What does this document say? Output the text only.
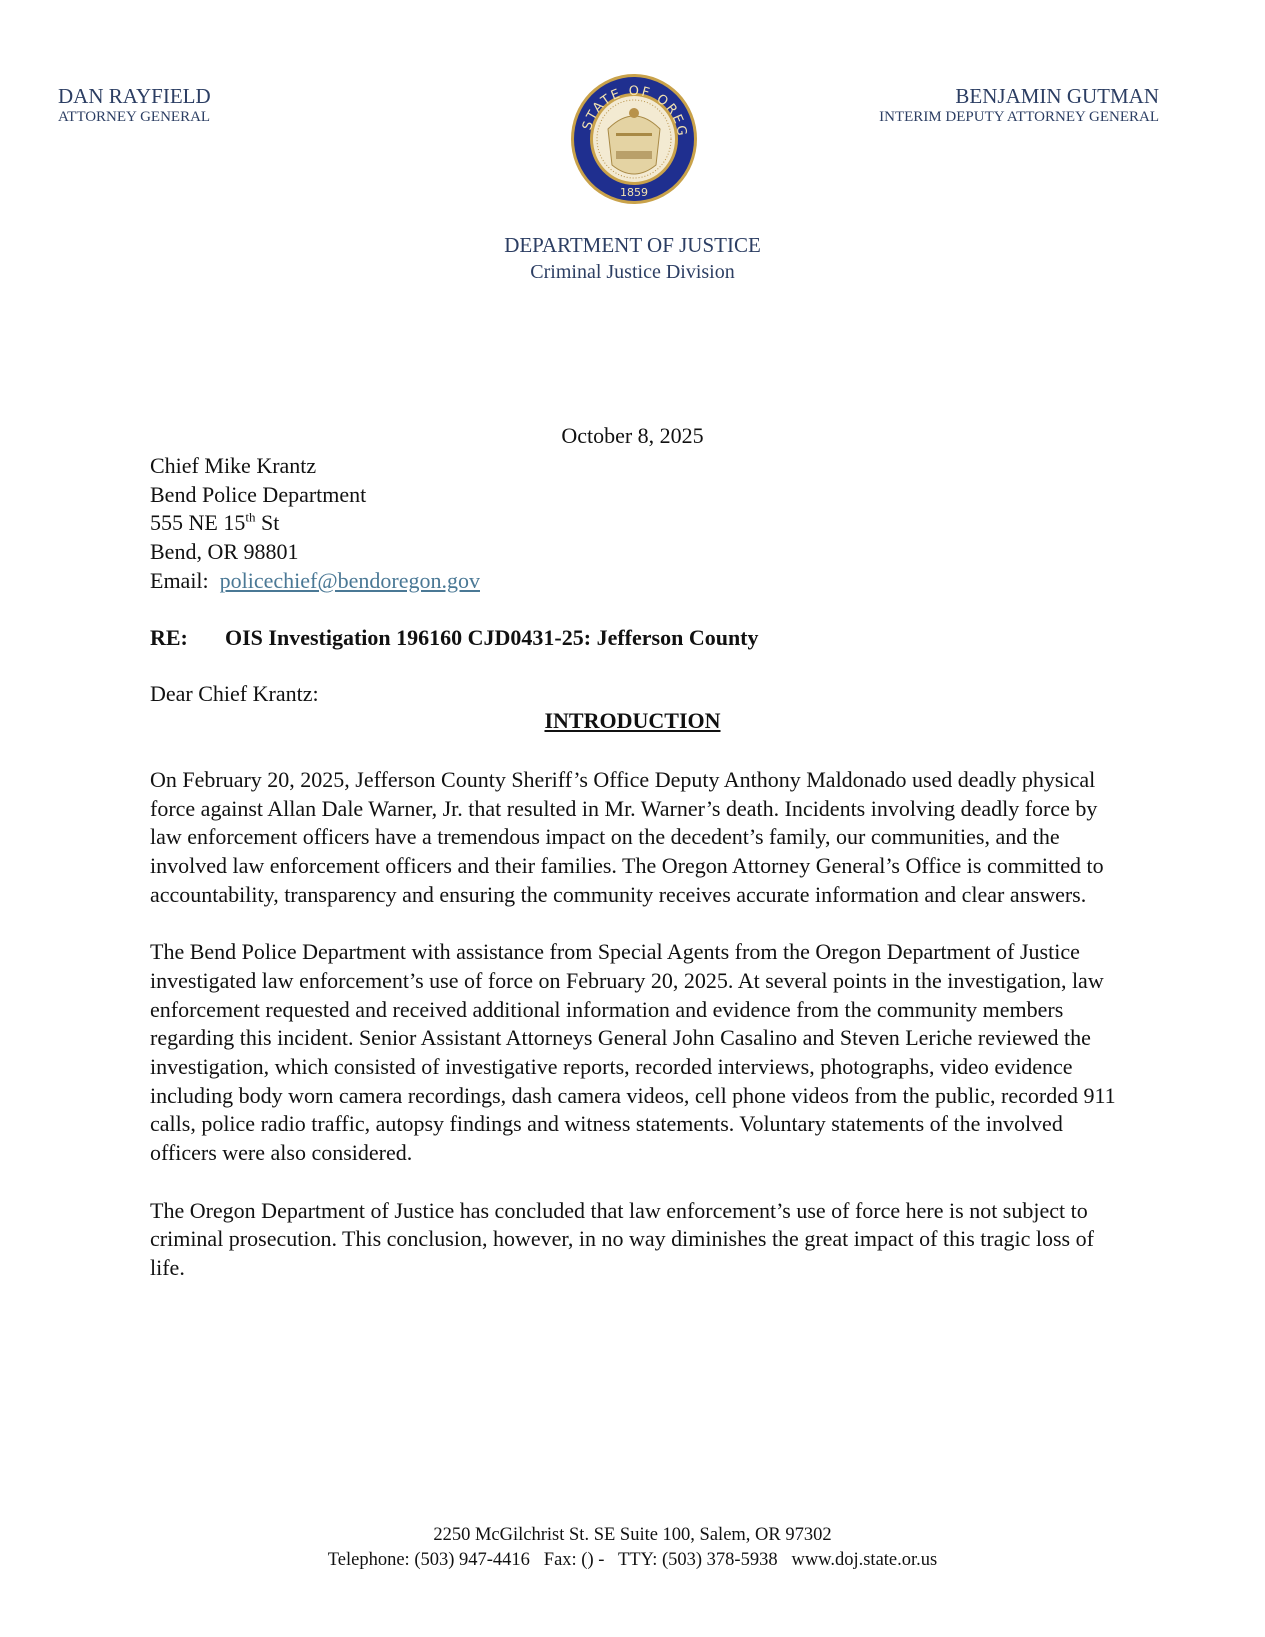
DAN RAYFIELD
ATTORNEY GENERAL	STATE OF OREG
1859
BENJAMIN GUTMAN
INTERIM DEPUTY ATTORNEY GENERAL
DEPARTMENT OF JUSTICE
Criminal Justice Division
October 8, 2025
Chief Mike Krantz
Bend Police Department
555 NE 15th St
Bend, OR 98801
Email: policechief@bendoregon.gov
RE: OIS Investigation 196160 CJD0431-25: Jefferson County
Dear Chief Krantz:
INTRODUCTION

On February 20, 2025, Jefferson County Sheriff’s Office Deputy Anthony Maldonado used deadly physical force against Allan Dale Warner, Jr. that resulted in Mr. Warner’s death. Incidents involving deadly force by law enforcement officers have a tremendous impact on the decedent’s family, our communities, and the involved law enforcement officers and their families. The Oregon Attorney General’s Office is committed to accountability, transparency and ensuring the community receives accurate information and clear answers.

The Bend Police Department with assistance from Special Agents from the Oregon Department of Justice investigated law enforcement’s use of force on February 20, 2025. At several points in the investigation, law enforcement requested and received additional information and evidence from the community members regarding this incident. Senior Assistant Attorneys General John Casalino and Steven Leriche reviewed the investigation, which consisted of investigative reports, recorded interviews, photographs, video evidence including body worn camera recordings, dash camera videos, cell phone videos from the public, recorded 911 calls, police radio traffic, autopsy findings and witness statements. Voluntary statements of the involved officers were also considered.

The Oregon Department of Justice has concluded that law enforcement’s use of force here is not subject to criminal prosecution. This conclusion, however, in no way diminishes the great impact of this tragic loss of life.

2250 McGilchrist St. SE Suite 100, Salem, OR 97302
Telephone: (503) 947-4416   Fax: () -   TTY: (503) 378-5938   www.doj.state.or.us
